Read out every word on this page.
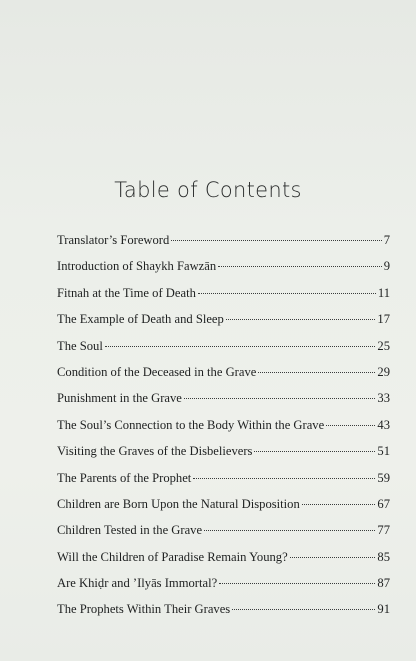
Table of Contents
Translator’s Foreword	7
Introduction of Shaykh Fawzān	9
Fitnah at the Time of Death	11
The Example of Death and Sleep	17
The Soul	25
Condition of the Deceased in the Grave	29
Punishment in the Grave	33
The Soul’s Connection to the Body Within the Grave	43
Visiting the Graves of the Disbelievers	51
The Parents of the Prophet	59
Children are Born Upon the Natural Disposition	67
Children Tested in the Grave	77
Will the Children of Paradise Remain Young?	85
Are Khiḍr and ’Ilyās Immortal?	87
The Prophets Within Their Graves	91
